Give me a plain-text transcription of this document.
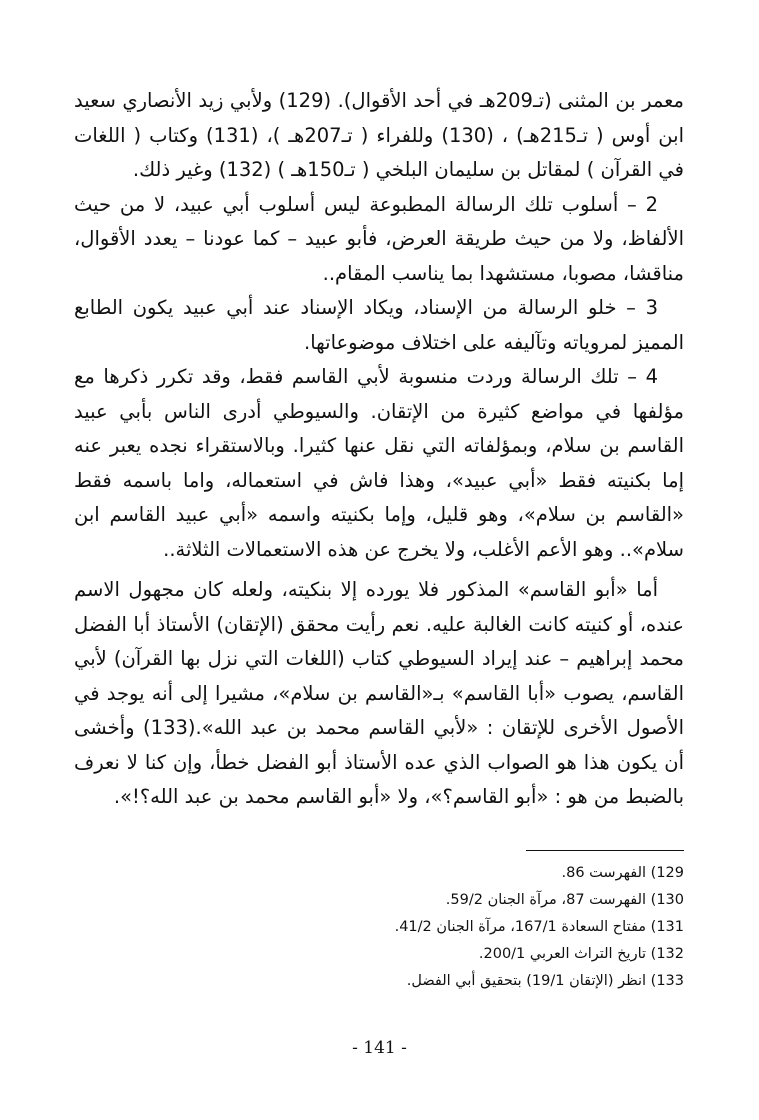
معمر بن المثنى (تـ209هـ في أحد الأقوال). (129) ولأبي زيد الأنصاري سعيد ابن أوس ( تـ215هـ) ، (130) وللفراء ( تـ207هـ )، (131) وكتاب ( اللغات في القرآن ) لمقاتل بن سليمان البلخي ( تـ150هـ ) (132) وغير ذلك.

2 – أسلوب تلك الرسالة المطبوعة ليس أسلوب أبي عبيد، لا من حيث الألفاظ، ولا من حيث طريقة العرض، فأبو عبيد – كما عودنا – يعدد الأقوال، مناقشا، مصوبا، مستشهدا بما يناسب المقام..

3 – خلو الرسالة من الإسناد، ويكاد الإسناد عند أبي عبيد يكون الطابع المميز لمروياته وتآليفه على اختلاف موضوعاتها.

4 – تلك الرسالة وردت منسوبة لأبي القاسم فقط، وقد تكرر ذكرها مع مؤلفها في مواضع كثيرة من الإتقان. والسيوطي أدرى الناس بأبي عبيد القاسم بن سلام، وبمؤلفاته التي نقل عنها كثيرا. وبالاستقراء نجده يعبر عنه إما بكنيته فقط «أبي عبيد»، وهذا فاش في استعماله، واما باسمه فقط «القاسم بن سلام»، وهو قليل، وإما بكنيته واسمه «أبي عبيد القاسم ابن سلام».. وهو الأعم الأغلب، ولا يخرج عن هذه الاستعمالات الثلاثة..

أما «أبو القاسم» المذكور فلا يورده إلا بنكيته، ولعله كان مجهول الاسم عنده، أو كنيته كانت الغالبة عليه. نعم رأيت محقق (الإتقان) الأستاذ أبا الفضل محمد إبراهيم – عند إيراد السيوطي كتاب (اللغات التي نزل بها القرآن) لأبي القاسم، يصوب «أبا القاسم» بـ«القاسم بن سلام»، مشيرا إلى أنه يوجد في الأصول الأخرى للإتقان : «لأبي القاسم محمد بن عبد الله».(133) وأخشى أن يكون هذا هو الصواب الذي عده الأستاذ أبو الفضل خطأ، وإن كنا لا نعرف بالضبط من هو : «أبو القاسم؟»، ولا «أبو القاسم محمد بن عبد الله؟!».

129) الفهرست 86.

130) الفهرست 87، مرآة الجنان 59/2.

131) مفتاح السعادة 167/1، مرآة الجنان 41/2.

132) تاريخ التراث العربي 200/1.

133) انظر (الإتقان 19/1) بتحقيق أبي الفضل.

- 141 -
